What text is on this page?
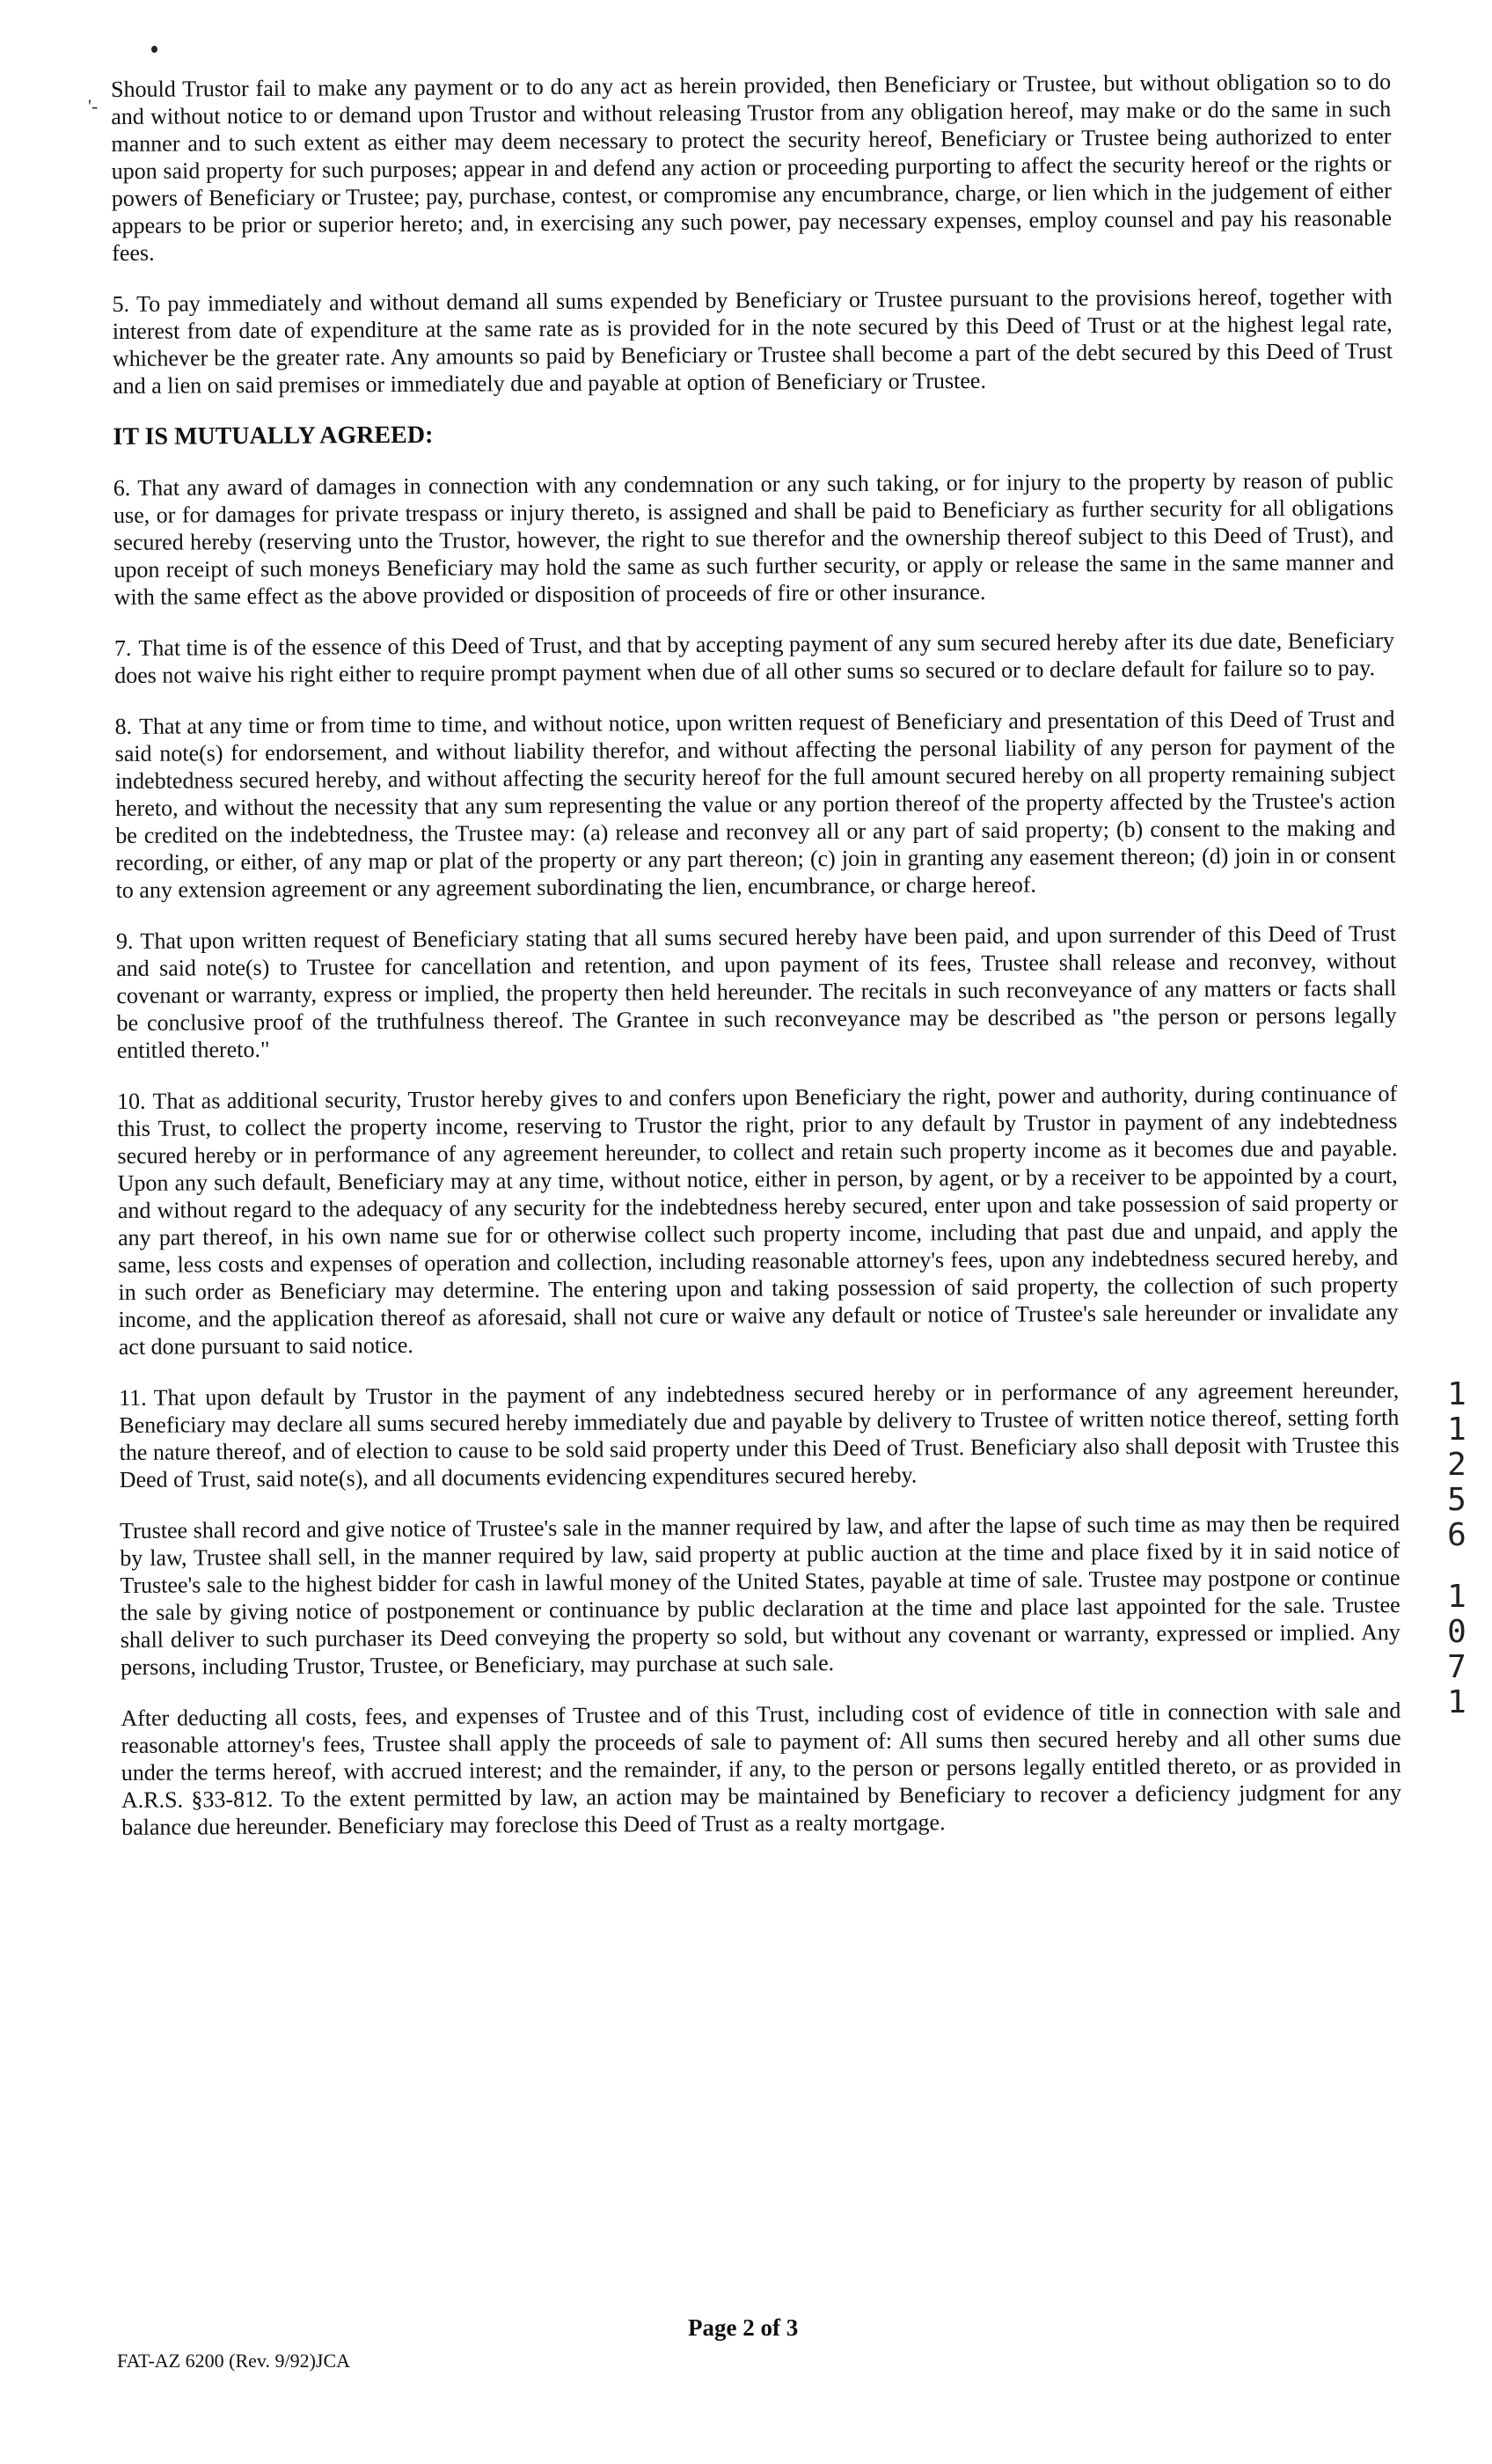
'-
Should Trustor fail to make any payment or to do any act as herein provided, then Beneficiary or Trustee, but without obligation so to do and without notice to or demand upon Trustor and without releasing Trustor from any obligation hereof, may make or do the same in such manner and to such extent as either may deem necessary to protect the security hereof, Beneficiary or Trustee being authorized to enter upon said property for such purposes; appear in and defend any action or proceeding purporting to affect the security hereof or the rights or powers of Beneficiary or Trustee; pay, purchase, contest, or compromise any encumbrance, charge, or lien which in the judgement of either appears to be prior or superior hereto; and, in exercising any such power, pay necessary expenses, employ counsel and pay his reasonable fees.
5. To pay immediately and without demand all sums expended by Beneficiary or Trustee pursuant to the provisions hereof, together with interest from date of expenditure at the same rate as is provided for in the note secured by this Deed of Trust or at the highest legal rate, whichever be the greater rate. Any amounts so paid by Beneficiary or Trustee shall become a part of the debt secured by this Deed of Trust and a lien on said premises or immediately due and payable at option of Beneficiary or Trustee.
IT IS MUTUALLY AGREED:
6. That any award of damages in connection with any condemnation or any such taking, or for injury to the property by reason of public use, or for damages for private trespass or injury thereto, is assigned and shall be paid to Beneficiary as further security for all obligations secured hereby (reserving unto the Trustor, however, the right to sue therefor and the ownership thereof subject to this Deed of Trust), and upon receipt of such moneys Beneficiary may hold the same as such further security, or apply or release the same in the same manner and with the same effect as the above provided or disposition of proceeds of fire or other insurance.
7. That time is of the essence of this Deed of Trust, and that by accepting payment of any sum secured hereby after its due date, Beneficiary does not waive his right either to require prompt payment when due of all other sums so secured or to declare default for failure so to pay.
8. That at any time or from time to time, and without notice, upon written request of Beneficiary and presentation of this Deed of Trust and said note(s) for endorsement, and without liability therefor, and without affecting the personal liability of any person for payment of the indebtedness secured hereby, and without affecting the security hereof for the full amount secured hereby on all property remaining subject hereto, and without the necessity that any sum representing the value or any portion thereof of the property affected by the Trustee's action be credited on the indebtedness, the Trustee may: (a) release and reconvey all or any part of said property; (b) consent to the making and recording, or either, of any map or plat of the property or any part thereon; (c) join in granting any easement thereon; (d) join in or consent to any extension agreement or any agreement subordinating the lien, encumbrance, or charge hereof.
9. That upon written request of Beneficiary stating that all sums secured hereby have been paid, and upon surrender of this Deed of Trust and said note(s) to Trustee for cancellation and retention, and upon payment of its fees, Trustee shall release and reconvey, without covenant or warranty, express or implied, the property then held hereunder. The recitals in such reconveyance of any matters or facts shall be conclusive proof of the truthfulness thereof. The Grantee in such reconveyance may be described as "the person or persons legally entitled thereto."
10. That as additional security, Trustor hereby gives to and confers upon Beneficiary the right, power and authority, during continuance of this Trust, to collect the property income, reserving to Trustor the right, prior to any default by Trustor in payment of any indebtedness secured hereby or in performance of any agreement hereunder, to collect and retain such property income as it becomes due and payable. Upon any such default, Beneficiary may at any time, without notice, either in person, by agent, or by a receiver to be appointed by a court, and without regard to the adequacy of any security for the indebtedness hereby secured, enter upon and take possession of said property or any part thereof, in his own name sue for or otherwise collect such property income, including that past due and unpaid, and apply the same, less costs and expenses of operation and collection, including reasonable attorney's fees, upon any indebtedness secured hereby, and in such order as Beneficiary may determine. The entering upon and taking possession of said property, the collection of such property income, and the application thereof as aforesaid, shall not cure or waive any default or notice of Trustee's sale hereunder or invalidate any act done pursuant to said notice.
11. That upon default by Trustor in the payment of any indebtedness secured hereby or in performance of any agreement hereunder, Beneficiary may declare all sums secured hereby immediately due and payable by delivery to Trustee of written notice thereof, setting forth the nature thereof, and of election to cause to be sold said property under this Deed of Trust. Beneficiary also shall deposit with Trustee this Deed of Trust, said note(s), and all documents evidencing expenditures secured hereby.
Trustee shall record and give notice of Trustee's sale in the manner required by law, and after the lapse of such time as may then be required by law, Trustee shall sell, in the manner required by law, said property at public auction at the time and place fixed by it in said notice of Trustee's sale to the highest bidder for cash in lawful money of the United States, payable at time of sale. Trustee may postpone or continue the sale by giving notice of postponement or continuance by public declaration at the time and place last appointed for the sale. Trustee shall deliver to such purchaser its Deed conveying the property so sold, but without any covenant or warranty, expressed or implied. Any persons, including Trustor, Trustee, or Beneficiary, may purchase at such sale.
After deducting all costs, fees, and expenses of Trustee and of this Trust, including cost of evidence of title in connection with sale and reasonable attorney's fees, Trustee shall apply the proceeds of sale to payment of: All sums then secured hereby and all other sums due under the terms hereof, with accrued interest; and the remainder, if any, to the person or persons legally entitled thereto, or as provided in A.R.S. §33-812. To the extent permitted by law, an action may be maintained by Beneficiary to recover a deficiency judgment for any balance due hereunder. Beneficiary may foreclose this Deed of Trust as a realty mortgage.
1
1
2
5
6
1
0
7
1
Page 2 of 3
FAT-AZ 6200 (Rev. 9/92)JCA
